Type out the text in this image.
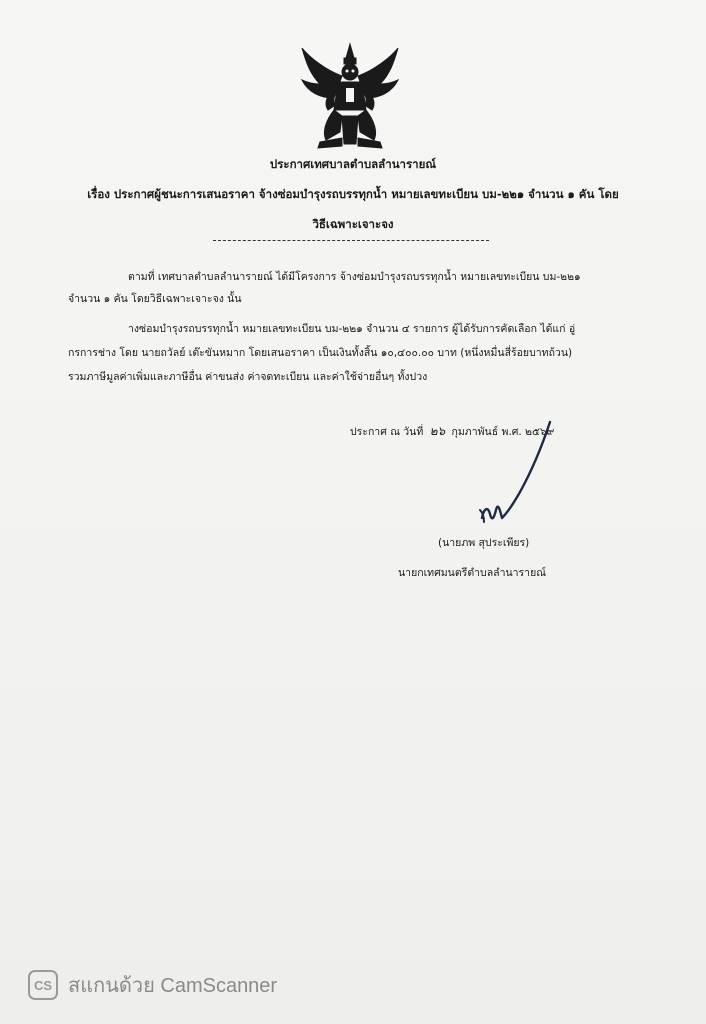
ประกาศเทศบาลตำบลลำนารายณ์
เรื่อง ประกาศผู้ชนะการเสนอราคา จ้างซ่อมบำรุงรถบรรทุกน้ำ หมายเลขทะเบียน บม-๒๒๑ จำนวน ๑ คัน โดย
วิธีเฉพาะเจาะจง
ตามที่ เทศบาลตำบลลำนารายณ์ ได้มีโครงการ จ้างซ่อมบำรุงรถบรรทุกน้ำ หมายเลขทะเบียน บม-๒๒๑
จำนวน ๑ คัน โดยวิธีเฉพาะเจาะจง นั้น
างซ่อมบำรุงรถบรรทุกน้ำ หมายเลขทะเบียน บม-๒๒๑ จำนวน ๔ รายการ ผู้ได้รับการคัดเลือก ได้แก่ อู่
กรการช่าง โดย นายถวัลย์ เต๊ะขันหมาก โดยเสนอราคา เป็นเงินทั้งสิ้น ๑๐,๔๐๐.๐๐ บาท (หนึ่งหมื่นสี่ร้อยบาทถ้วน)
รวมภาษีมูลค่าเพิ่มและภาษีอื่น ค่าขนส่ง ค่าจดทะเบียน และค่าใช้จ่ายอื่นๆ ทั้งปวง
ประกาศ ณ วันที่ ๒๖ กุมภาพันธ์ พ.ศ. ๒๕๖๙
(นายภพ สุประเพียร)
นายกเทศมนตรีตำบลลำนารายณ์
CS สแกนด้วย CamScanner
